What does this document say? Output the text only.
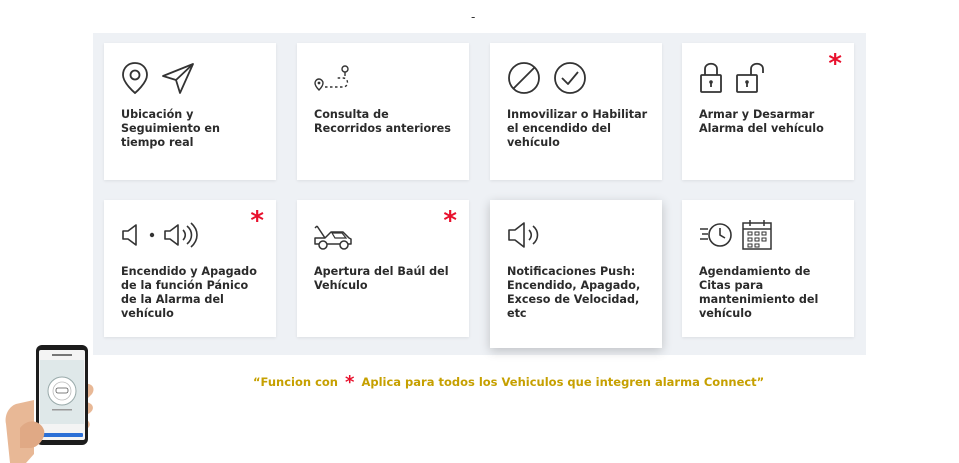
-
Ubicación y Seguimiento en tiempo real
Consulta de Recorridos anteriores
Inmovilizar o Habilitar el encendido del vehículo
*
Armar y Desarmar Alarma del vehículo
*
Encendido y Apagado de la función Pánico de la Alarma del vehículo
*
Apertura del Baúl del Vehículo
Notificaciones Push: Encendido, Apagado, Exceso de Velocidad, etc
Agendamiento de Citas para mantenimiento del vehículo
“Funcion con * Aplica para todos los Vehiculos que integren alarma Connect”
